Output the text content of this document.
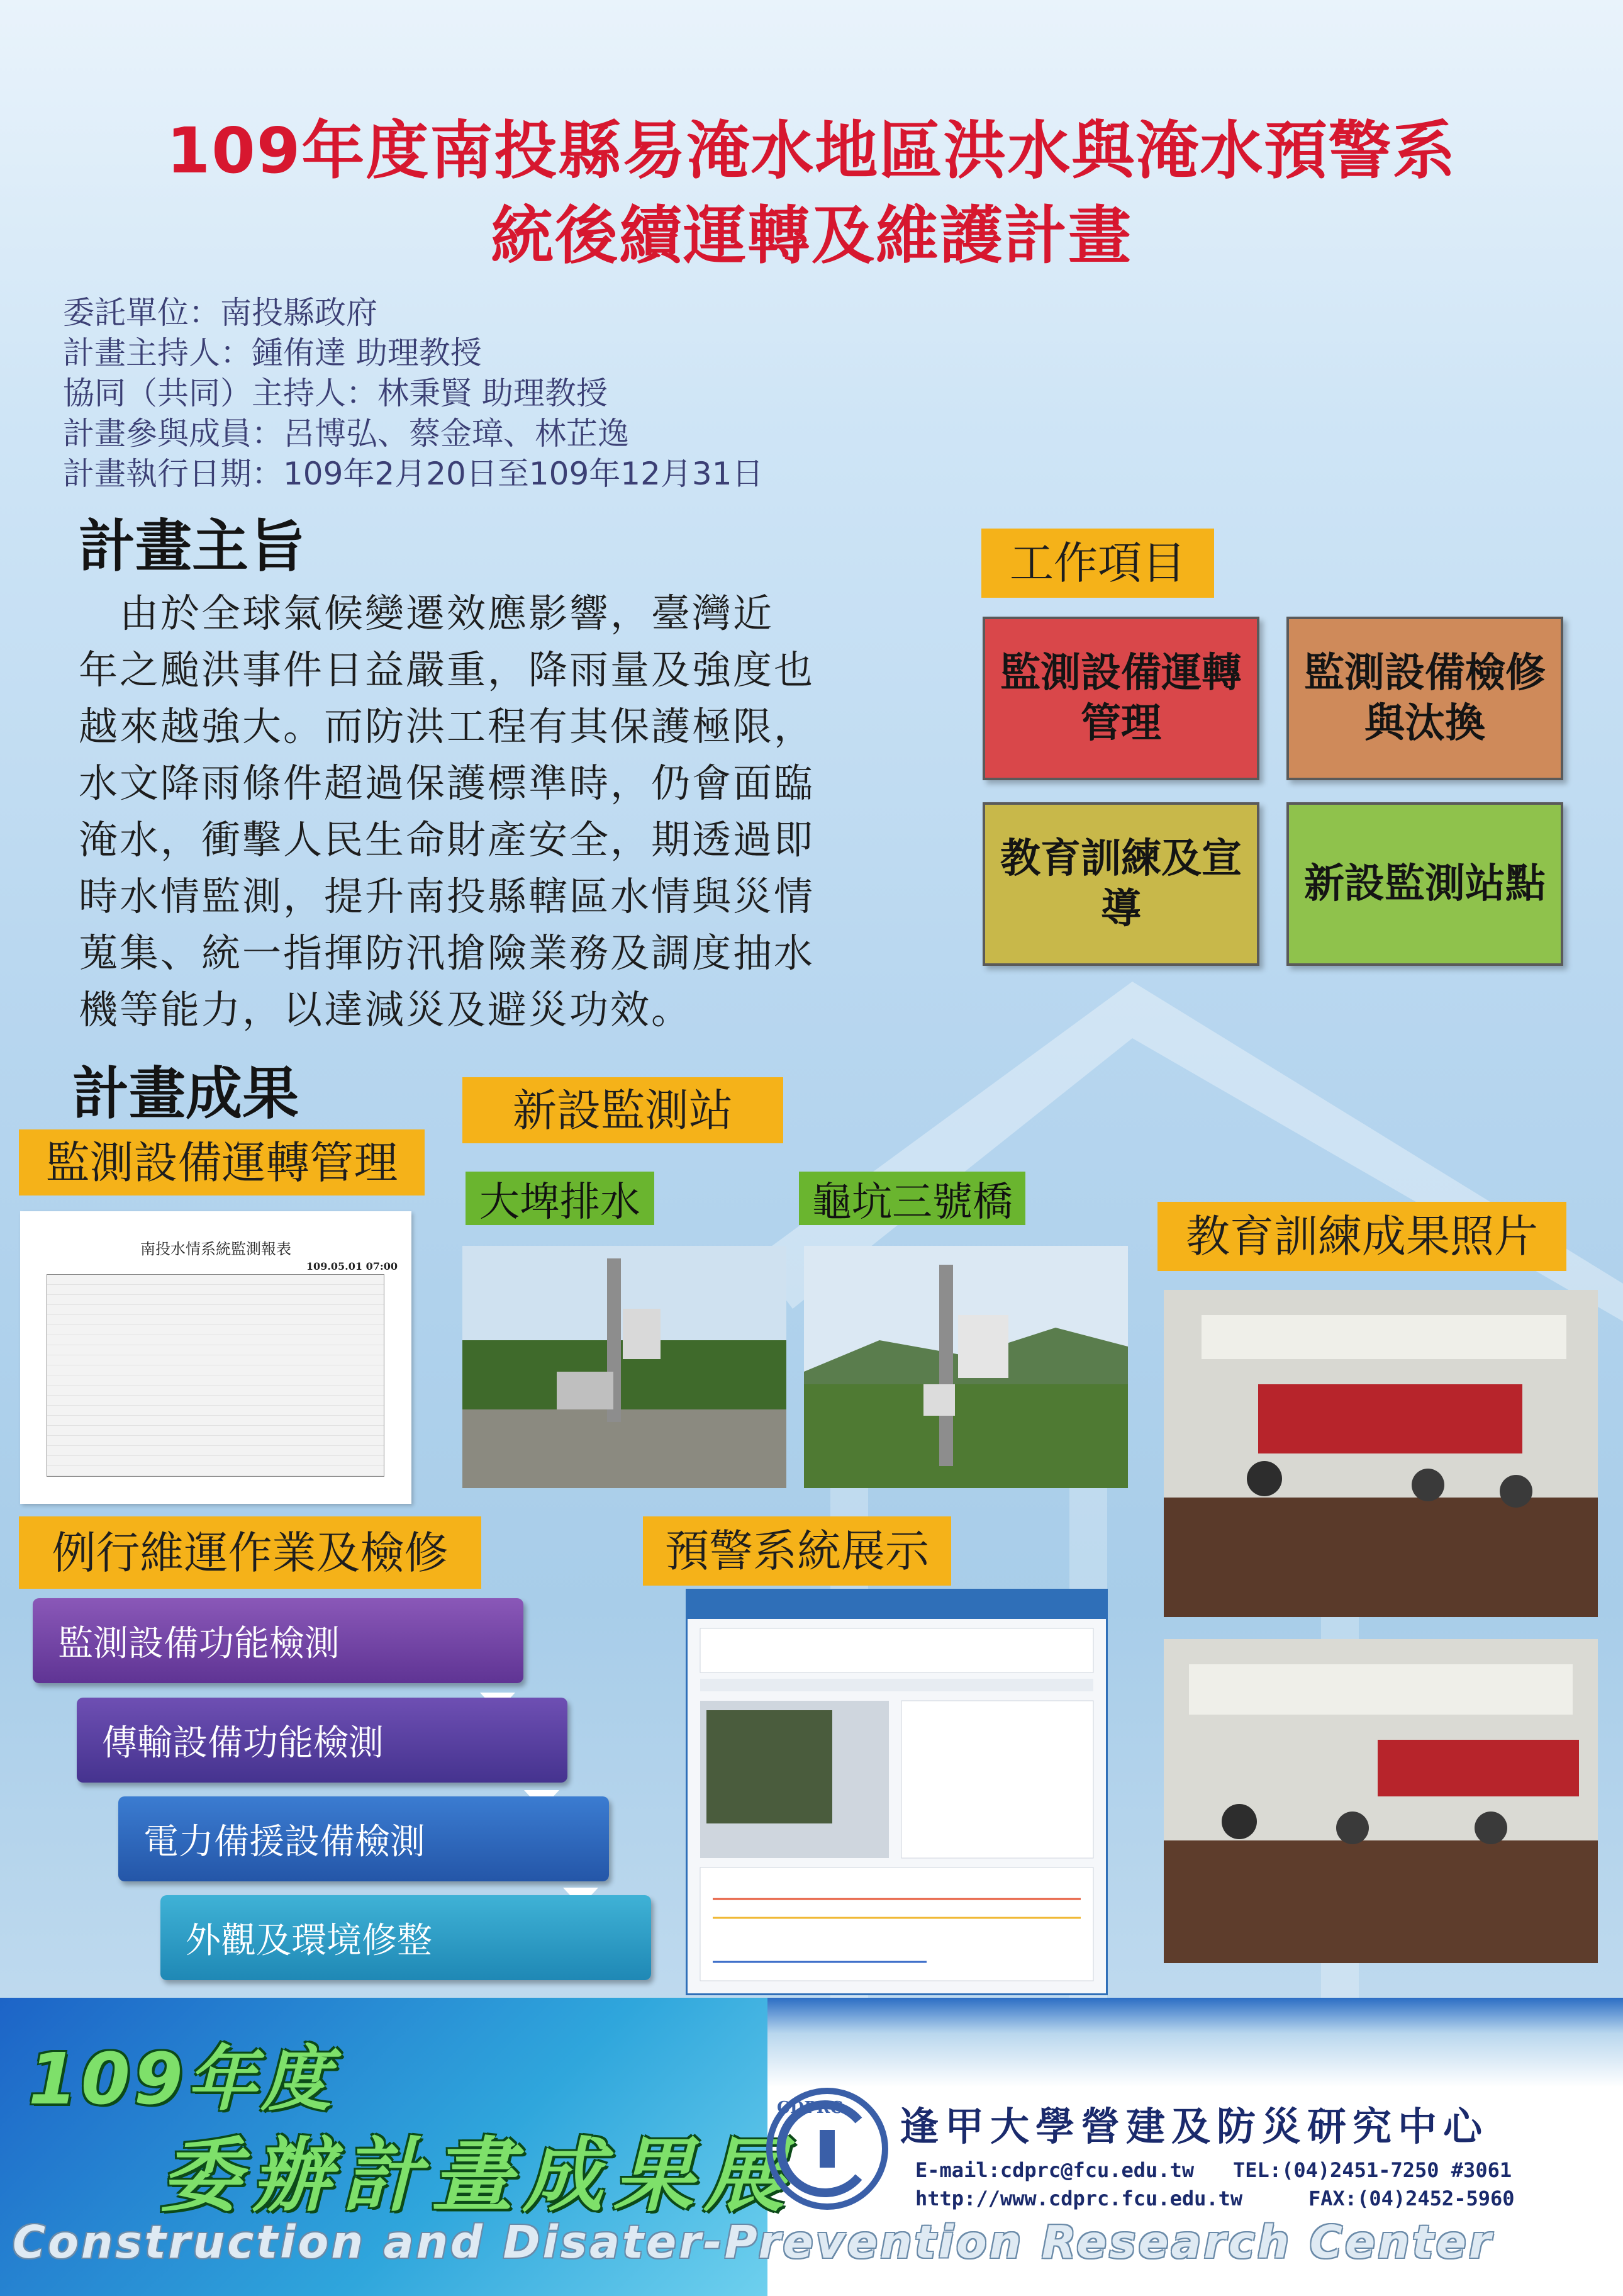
109年度南投縣易淹水地區洪水與淹水預警系
統後續運轉及維護計畫
委託單位：南投縣政府
計畫主持人：鍾侑達 助理教授
協同（共同）主持人：林秉賢 助理教授
計畫參與成員：呂博弘、蔡金璋、林芷逸
計畫執行日期：109年2月20日至109年12月31日
計畫主旨
　由於全球氣候變遷效應影響，臺灣近
年之颱洪事件日益嚴重，降雨量及強度也
越來越強大。而防洪工程有其保護極限，
水文降雨條件超過保護標準時，仍會面臨
淹水，衝擊人民生命財產安全，期透過即
時水情監測，提升南投縣轄區水情與災情
蒐集、統一指揮防汛搶險業務及調度抽水
機等能力，以達減災及避災功效。
工作項目
監測設備運轉管理
監測設備檢修與汰換
教育訓練及宣導
新設監測站點
計畫成果
監測設備運轉管理
南投水情系統監測報表
109.05.01 07:00
新設監測站
大埤排水	龜坑三號橋
教育訓練成果照片
例行維運作業及檢修
監測設備功能檢測
傳輸設備功能檢測
電力備援設備檢測
外觀及環境修整
預警系統展示
109年度
委辦計畫成果展
CDPRC 逢甲大學營建及防災研究中心
E-mail:cdprc@fcu.edu.tw TEL:(04)2451-7250 #3061
http://www.cdprc.fcu.edu.tw	FAX:(04)2452-5960
Construction and Disater-Prevention Research Center
